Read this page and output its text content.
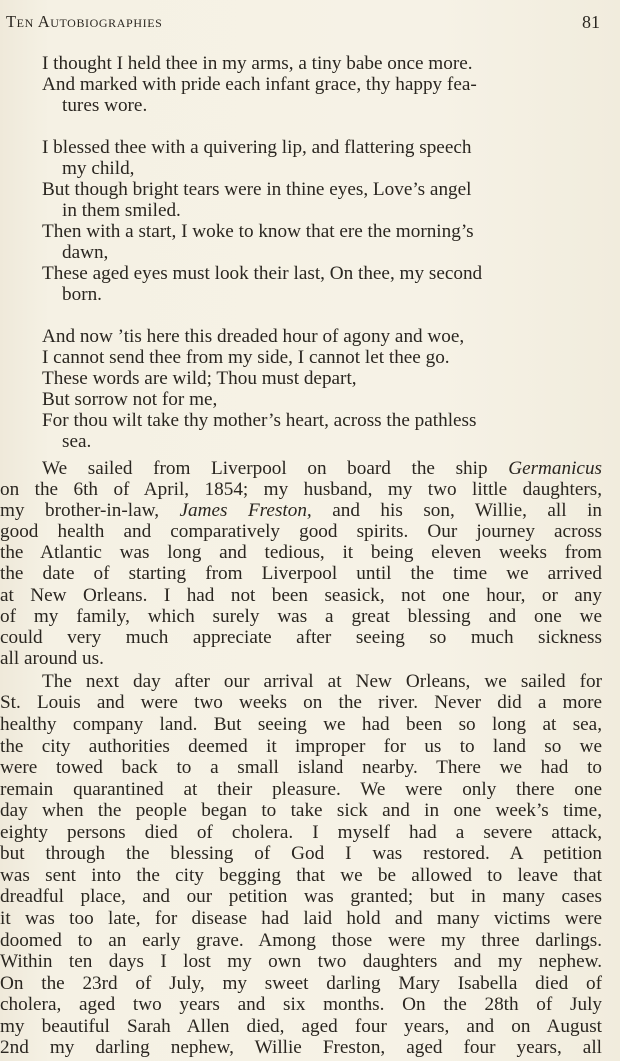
Ten Autobiographies	81
I thought I held thee in my arms, a tiny babe once more.
And marked with pride each infant grace, thy happy fea-
tures wore.
I blessed thee with a quivering lip, and flattering speech
my child,
But though bright tears were in thine eyes, Love’s angel
in them smiled.
Then with a start, I woke to know that ere the morning’s
dawn,
These aged eyes must look their last, On thee, my second
born.
And now ’tis here this dreaded hour of agony and woe,
I cannot send thee from my side, I cannot let thee go.
These words are wild; Thou must depart,
But sorrow not for me,
For thou wilt take thy mother’s heart, across the pathless
sea.
We sailed from Liverpool on board the ship Germanicus
on the 6th of April, 1854; my husband, my two little daughters,
my brother-in-law, James Freston, and his son, Willie, all in
good health and comparatively good spirits. Our journey across
the Atlantic was long and tedious, it being eleven weeks from
the date of starting from Liverpool until the time we arrived
at New Orleans. I had not been seasick, not one hour, or any
of my family, which surely was a great blessing and one we
could very much appreciate after seeing so much sickness
all around us.
The next day after our arrival at New Orleans, we sailed for
St. Louis and were two weeks on the river. Never did a more
healthy company land. But seeing we had been so long at sea,
the city authorities deemed it improper for us to land so we
were towed back to a small island nearby. There we had to
remain quarantined at their pleasure. We were only there one
day when the people began to take sick and in one week’s time,
eighty persons died of cholera. I myself had a severe attack,
but through the blessing of God I was restored. A petition
was sent into the city begging that we be allowed to leave that
dreadful place, and our petition was granted; but in many cases
it was too late, for disease had laid hold and many victims were
doomed to an early grave. Among those were my three darlings.
Within ten days I lost my own two daughters and my nephew.
On the 23rd of July, my sweet darling Mary Isabella died of
cholera, aged two years and six months. On the 28th of July
my beautiful Sarah Allen died, aged four years, and on August
2nd my darling nephew, Willie Freston, aged four years, all
